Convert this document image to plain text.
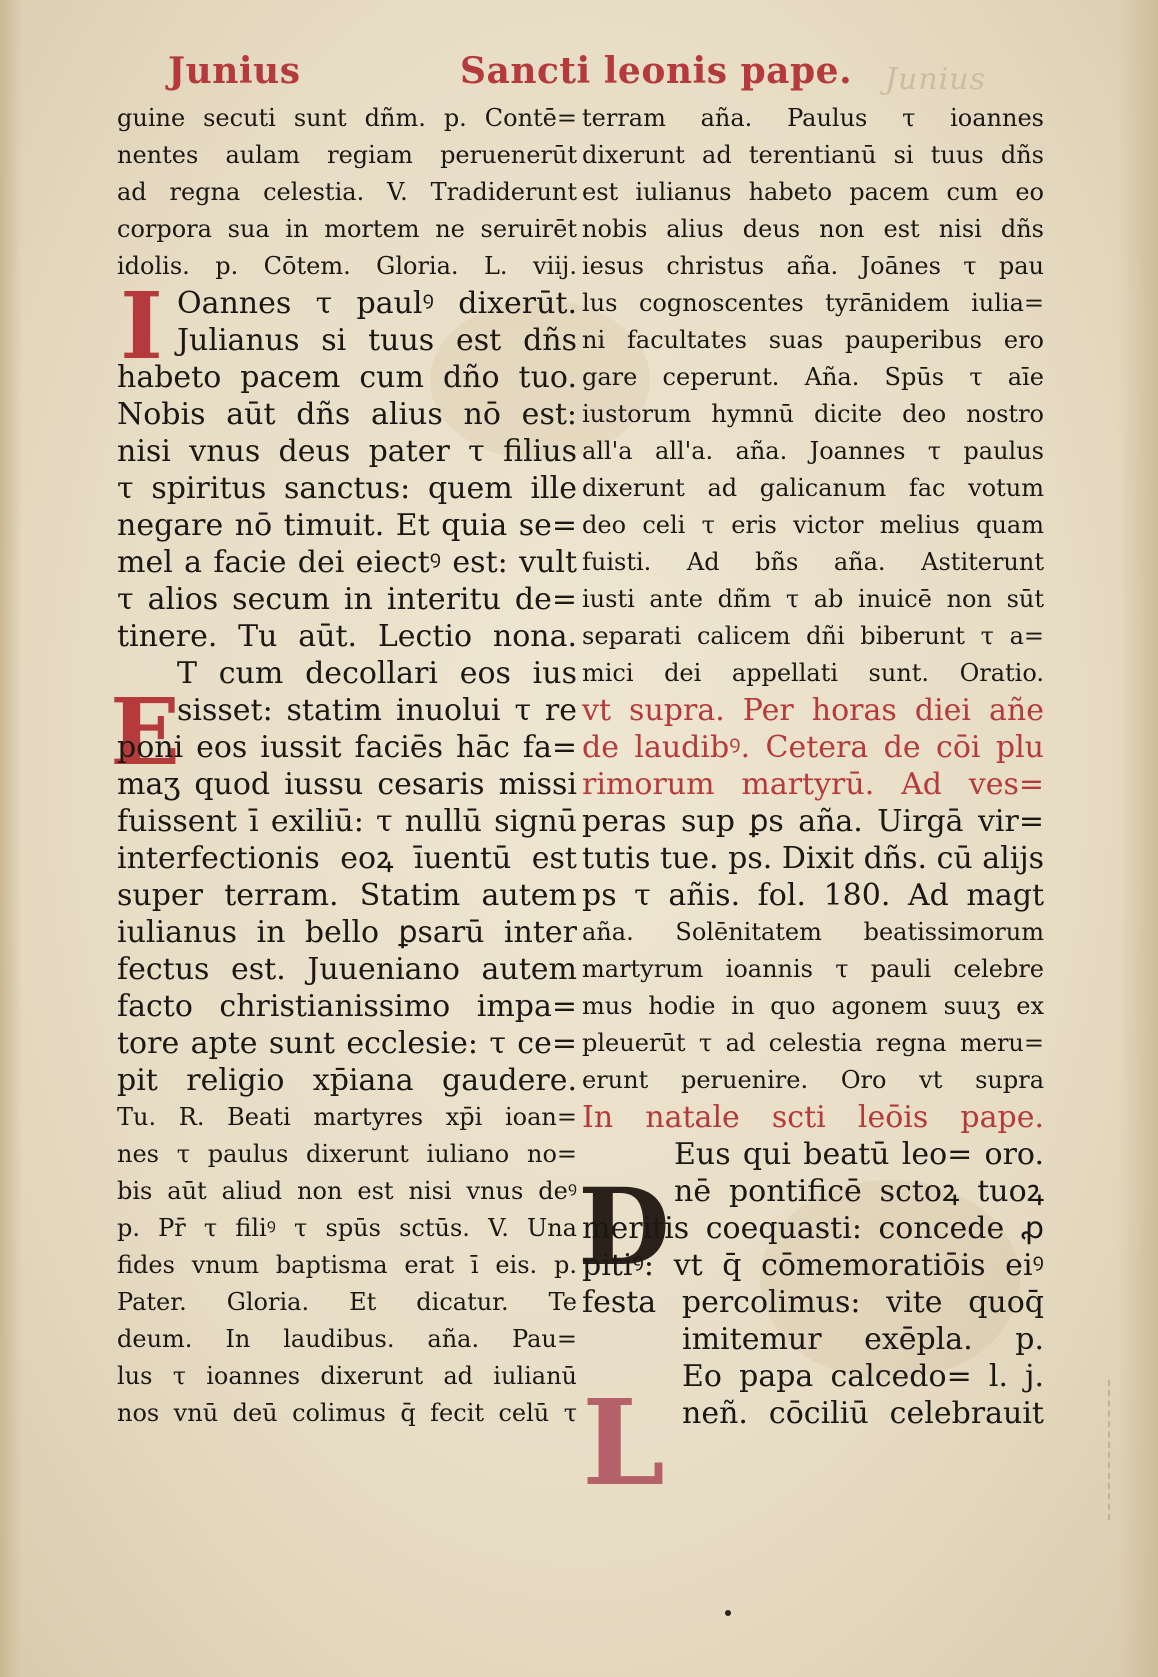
Junius
Junius	Sancti leonis pape.
I
E
D
L
guine secuti sunt dñm. p. Contē=
nentes aulam regiam peruenerūt
ad regna celestia. V. Tradiderunt
corpora sua in mortem ne seruirēt
idolis. p. Cōtem. Gloria. L. viij.
Oannes τ paulꝰ dixerūt.
Julianus si tuus est dñs
habeto pacem cum dño tuo.
Nobis aūt dñs alius nō est:
nisi vnus deus pater τ filius
τ spiritus sanctus: quem ille
negare nō timuit. Et quia se=
mel a facie dei eiectꝰ est: vult
τ alios secum in interitu de=
tinere. Tu aūt. Lectio nona.
T cum decollari eos ius
sisset: statim inuolui τ re
poni eos iussit faciēs hāc fa=
maʒ quod iussu cesaris missi
fuissent ī exiliū: τ nullū signū
interfectionis eoꝝ īuentū est
super terram. Statim autem
iulianus in bello ꝑsarū inter
fectus est. Juueniano autem
facto christianissimo impa=
tore apte sunt ecclesie: τ ce=
pit religio xp̄iana gaudere.
Tu. R. Beati martyres xp̄i ioan=
nes τ paulus dixerunt iuliano no=
bis aūt aliud non est nisi vnus deꝰ
p. Pr̄ τ filiꝰ τ spūs sctūs. V. Una
fides vnum baptisma erat ī eis. p.
Pater. Gloria. Et dicatur. Te
deum. In laudibus. aña. Pau=
lus τ ioannes dixerunt ad iulianū
nos vnū deū colimus q̄ fecit celū τ
terram aña. Paulus τ ioannes
dixerunt ad terentianū si tuus dñs
est iulianus habeto pacem cum eo
nobis alius deus non est nisi dñs
iesus christus aña. Joānes τ pau
lus cognoscentes tyrānidem iulia=
ni facultates suas pauperibus ero
gare ceperunt. Aña. Spūs τ aīe
iustorum hymnū dicite deo nostro
all'a all'a. aña. Joannes τ paulus
dixerunt ad galicanum fac votum
deo celi τ eris victor melius quam
fuisti. Ad bñs aña. Astiterunt
iusti ante dñm τ ab inuicē non sūt
separati calicem dñi biberunt τ a=
mici dei appellati sunt. Oratio.
vt supra. Per horas diei añe
de laudibꝰ. Cetera de cōi plu
rimorum martyrū. Ad ves=
peras sup ꝑs aña. Uirgā vir=
tutis tue. ps. Dixit dñs. cū alijs
ps τ añis. fol. 180. Ad magt
aña. Solēnitatem beatissimorum
martyrum ioannis τ pauli celebre
mus hodie in quo agonem suuʒ ex
pleuerūt τ ad celestia regna meru=
erunt peruenire. Oro vt supra
In natale scti leōis pape.
Eus qui beatū leo= oro.
nē pontificē sctoꝝ tuoꝝ
meritis coequasti: concede ꝓ
pitiꝰ: vt q̄ cōmemoratiōis eiꝰ
festa percolimus: vite quoq̄
imitemur exēpla. p.
Eo papa calcedo= l. j.
neñ. cōciliū celebrauit
